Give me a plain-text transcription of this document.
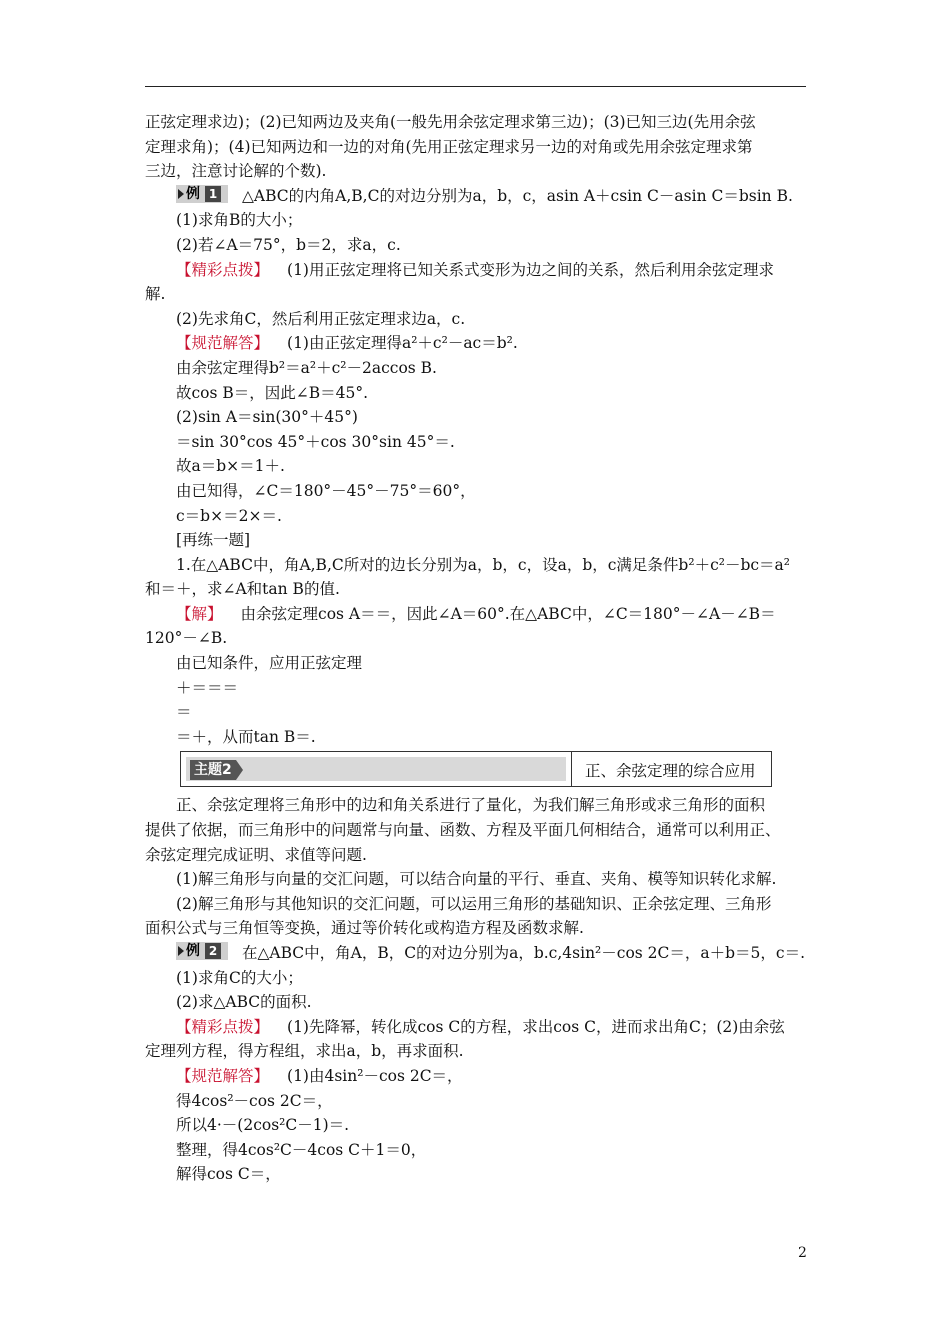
正弦定理求边)；(2)已知两边及夹角(一般先用余弦定理求第三边)；(3)已知三边(先用余弦
定理求角)；(4)已知两边和一边的对角(先用正弦定理求另一边的对角或先用余弦定理求第
三边，注意讨论解的个数).
例 1 △ABC的内角A,B,C的对边分别为a，b，c，asin A＋csin C－asin C＝bsin B.
(1)求角B的大小；
(2)若∠A＝75°，b＝2，求a，c.
【精彩点拨】 (1)用正弦定理将已知关系式变形为边之间的关系，然后利用余弦定理求
解.
(2)先求角C，然后利用正弦定理求边a，c.
【规范解答】 (1)由正弦定理得a²＋c²－ac＝b².
由余弦定理得b²＝a²＋c²－2accos B.
故cos B＝，因此∠B＝45°.
(2)sin A＝sin(30°＋45°)
＝sin 30°cos 45°＋cos 30°sin 45°＝.
故a＝b×＝1＋.
由已知得，∠C＝180°－45°－75°＝60°，
c＝b×＝2×＝.
[再练一题]
1.在△ABC中，角A,B,C所对的边长分别为a，b，c，设a，b，c满足条件b²＋c²－bc＝a²
和＝＋，求∠A和tan B的值.
【解】 由余弦定理cos A＝＝，因此∠A＝60°.在△ABC中，∠C＝180°－∠A－∠B＝
120°－∠B.
由已知条件，应用正弦定理
＋＝＝＝
＝
＝＋，从而tan B＝.
主题2	正、余弦定理的综合应用
正、余弦定理将三角形中的边和角关系进行了量化，为我们解三角形或求三角形的面积
提供了依据，而三角形中的问题常与向量、函数、方程及平面几何相结合，通常可以利用正、
余弦定理完成证明、求值等问题.
(1)解三角形与向量的交汇问题，可以结合向量的平行、垂直、夹角、模等知识转化求解.
(2)解三角形与其他知识的交汇问题，可以运用三角形的基础知识、正余弦定理、三角形
面积公式与三角恒等变换，通过等价转化或构造方程及函数求解.
例 2 在△ABC中，角A，B，C的对边分别为a，b.c,4sin²－cos 2C＝，a＋b＝5，c＝.
(1)求角C的大小；
(2)求△ABC的面积.
【精彩点拨】 (1)先降幂，转化成cos C的方程，求出cos C，进而求出角C；(2)由余弦
定理列方程，得方程组，求出a，b，再求面积.
【规范解答】 (1)由4sin²－cos 2C＝，
得4cos²－cos 2C＝，
所以4·－(2cos²C－1)＝.
整理，得4cos²C－4cos C＋1＝0，
解得cos C＝，
2
